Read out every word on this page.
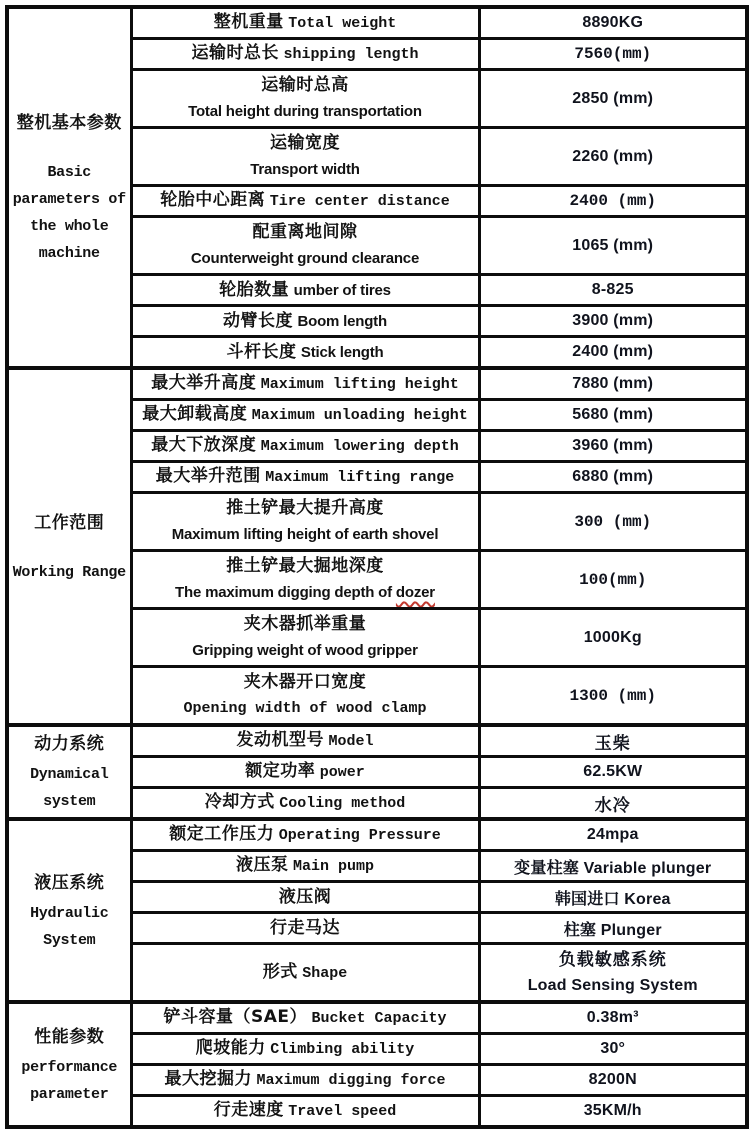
整机基本参数
Basic parameters of the whole machine	整机重量 Total weight	8890KG

	运输时总长 shipping length	7560(mm)

	运输时总高
Total height during transportation	2850 (mm)

	运输宽度
Transport width	2260 (mm)

	轮胎中心距离 Tire center distance	2400 (mm)

	配重离地间隙
Counterweight ground clearance	1065 (mm)

	轮胎数量 umber of tires	8-825

	动臂长度 Boom length	3900 (mm)

	斗杆长度 Stick length	2400 (mm)

工作范围
Working Range	最大举升高度 Maximum lifting height	7880 (mm)

	最大卸载高度 Maximum unloading height	5680 (mm)

	最大下放深度 Maximum lowering depth	3960 (mm)

	最大举升范围 Maximum lifting range	6880 (mm)

	推土铲最大提升高度
Maximum lifting height of earth shovel	300 (mm)

	推土铲最大掘地深度
The maximum digging depth of dozer	100(mm)

	夹木器抓举重量
Gripping weight of wood gripper	1000Kg

	夹木器开口宽度
Opening width of wood clamp	1300 (mm)

动力系统
Dynamical system	发动机型号 Model	玉柴

	额定功率 power	62.5KW

	冷却方式 Cooling method	水冷

液压系统
Hydraulic System	额定工作压力 Operating Pressure	24mpa

	液压泵 Main pump	变量柱塞 Variable plunger

	液压阀	韩国进口 Korea

	行走马达	柱塞 Plunger

	形式 Shape	负载敏感系统
Load Sensing System

性能参数
performance parameter	铲斗容量（SAE） Bucket Capacity	0.38m³

	爬坡能力 Climbing ability	30°

	最大挖掘力 Maximum digging force	8200N

	行走速度 Travel speed	35KM/h
